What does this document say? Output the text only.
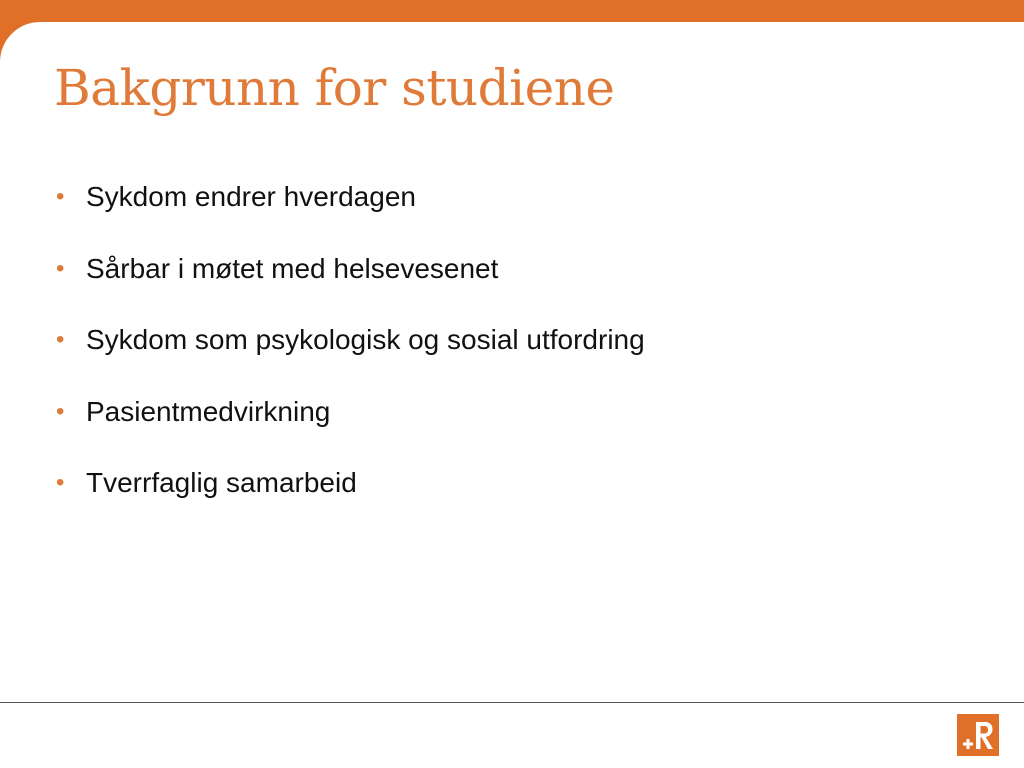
Bakgrunn for studiene
• Sykdom endrer hverdagen
• Sårbar i møtet med helsevesenet
• Sykdom som psykologisk og sosial utfordring
• Pasientmedvirkning
• Tverrfaglig samarbeid
